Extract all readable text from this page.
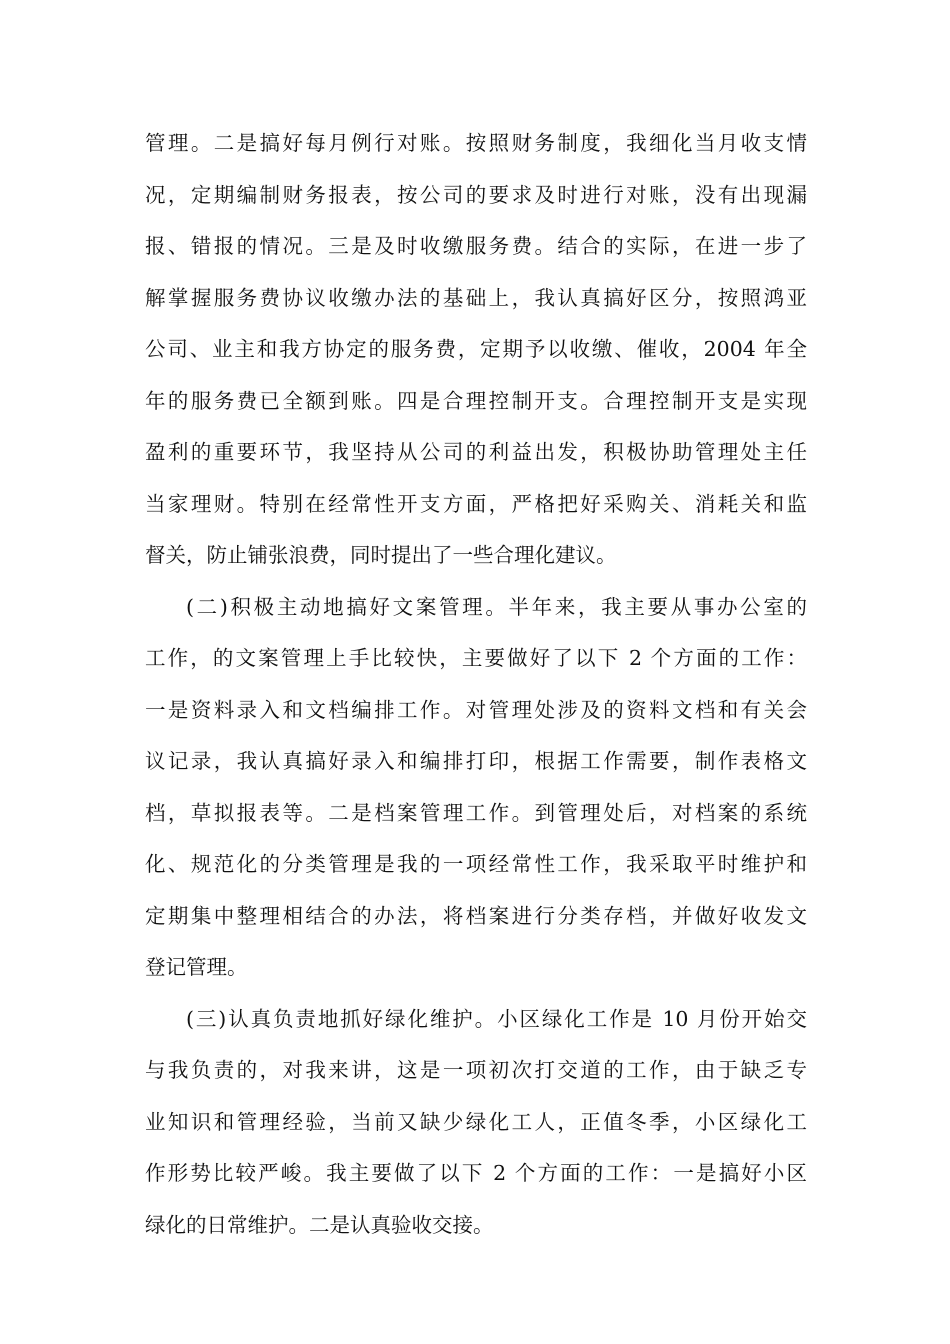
管理。二是搞好每月例行对账。按照财务制度，我细化当月收支情
况，定期编制财务报表，按公司的要求及时进行对账，没有出现漏
报、错报的情况。三是及时收缴服务费。结合的实际，在进一步了
解掌握服务费协议收缴办法的基础上，我认真搞好区分，按照鸿亚
公司、业主和我方协定的服务费，定期予以收缴、催收，2004 年全
年的服务费已全额到账。四是合理控制开支。合理控制开支是实现
盈利的重要环节，我坚持从公司的利益出发，积极协助管理处主任
当家理财。特别在经常性开支方面，严格把好采购关、消耗关和监
督关，防止铺张浪费，同时提出了一些合理化建议。

(二)积极主动地搞好文案管理。半年来，我主要从事办公室的
工作，的文案管理上手比较快，主要做好了以下 2 个方面的工作：
一是资料录入和文档编排工作。对管理处涉及的资料文档和有关会
议记录，我认真搞好录入和编排打印，根据工作需要，制作表格文
档，草拟报表等。二是档案管理工作。到管理处后，对档案的系统
化、规范化的分类管理是我的一项经常性工作，我采取平时维护和
定期集中整理相结合的办法，将档案进行分类存档，并做好收发文
登记管理。

(三)认真负责地抓好绿化维护。小区绿化工作是 10 月份开始交
与我负责的，对我来讲，这是一项初次打交道的工作，由于缺乏专
业知识和管理经验，当前又缺少绿化工人，正值冬季，小区绿化工
作形势比较严峻。我主要做了以下 2 个方面的工作：一是搞好小区
绿化的日常维护。二是认真验收交接。
